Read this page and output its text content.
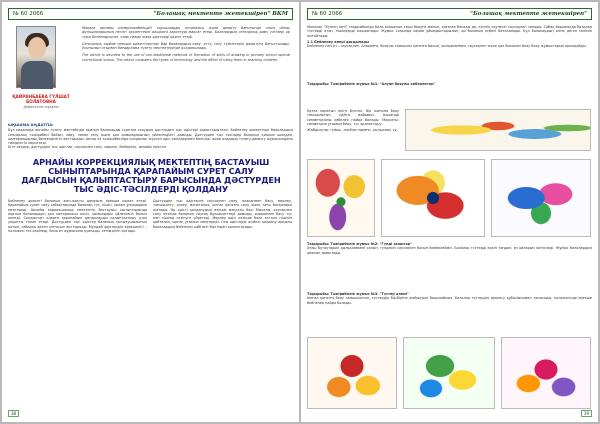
№ 60 2066	"Болашақ мектепте жетекшіреп" ВКМ
ҚАЙРАНБАЕВА ГҮЛШАТ БОЛАТОВНА
Дефектолог-мұғалім

Мақала арнайы коммуникабельдігі оқушыларды логикалық және дамыту бағытында оның ойлау функцияларының негізгі қасиеттерін ажырата көрсетуді мақсат етеді. Балалардың сенсорлық даму үлгілері әр түрлі болғандықтан, олар тиімді жаңа әдістерді қажет етеді.

Сенсорлық тәрбие ерекше қажеттіліктері бар балалардың көру, есту, сезу түйсіктерін дамытуға бағытталады. Ұсынылып отырған бағдарлама түзету мектептерінде қолданылады.

The article is devoted to the use of non-traditional methods of formation of skills of drawing in primary school special correctional school. The article considers the types of technology and the effect of using them in teaching children.

ЫҚШАМА АҢДАТПА:

Бұл мақалада арнайы түзету мектебінде оқитын балаларды суретке салудың дәстүрден тыс әдістері қарастырылған. Бейнелеу әрекетінде балалардың сенсорлық тәжірибесі байып, көру, сипап сезу және қол қимылдарының үйлесімділігі дамиды. Дәстүрден тыс тәсілдер баланың қиялын шыңдап, шығармашылық белсенділігін арттырады. Автор өз тәжірибесінде қолданып жүрген әдіс-тәсілдерімен бөліседі және олардың түзету-дамыту жұмысындағы тиімділігін көрсетеді.

Кілт сөздер: дәстүрден тыс әдістер, саусақпен салу, мөрлеу, бейнелеу, арнайы мектеп.

АРНАЙЫ КОРРЕКЦИЯЛЫҚ МЕКТЕПТІҢ БАСТАУЫШ СЫНЫПТАРЫНДА ҚАРАПАЙЫМ СУРЕТ САЛУ ДАҒДЫСЫН ҚАЛЫПТАСТЫРУ БАРЫСЫНДА ДӘСТҮРДЕН ТЫС ӘДІС-ТӘСІЛДЕРДІ ҚОЛДАНУ

Бейнелеу әрекеті баланың жан-жақты дамуына ерекше ықпал етеді. Қарапайым сурет салу сабақтарында балалар түс, пішін, көлем ұғымдарын меңгереді. Арнайы коррекциялық мектептің бастауыш сыныптарында оқитын балалардың қол моторикасы әлсіз, қимылдары үйлесімсіз болып келеді. Сондықтан оларға қарапайым дағдыларды қалыптастыру ұзақ уақытты талап етеді. Дәстүрден тыс әдістер баланың қызығушылығын оятып, сабаққа деген ынтасын арттырады. Мұндай әдістердің ерекшелігі – нәтижесі тез көрінеді, бала өз жұмысына қуанады, сенімділігі артады.

Дәстүрден тыс әдістерге саусақпен салу, алақанмен басу, мөрлеу, тамшылату, үрлеу, монотипия, ылғал қағазға салу және тағы басқалары жатады. Әр әдісті қолданудың өзіндік мақсаты бар. Мысалы, саусақпен салу кезінде баланың саусақ бұлшықеттері дамиды, алақанмен басу түс пен пішінді сезінуге үйретеді. Мөрлеу әдісі кезінде бала заттың пішінін қайталап, ырғақ ұғымын меңгереді. Осы әдістерді жүйелі қолдану арқылы балалардың бейнелеу қабілеті біртіндеп қалыптасады.

38
№ 60 2066	"Болашақ мектепте жетекшіреп"

Мысалы: "Күннің көзі" тақырыбында бала алақанын сары бояуға малып, қағазға басады да, күннің сәулесін саусақпен салады. Сабақ барысында балалар түстерді атап, пішіндерді ажыратады. Жұмыс соңында көрме ұйымдастырылып, әр баланың еңбегі бағаланады. Бұл балалардың өзіне деген сенімін нығайтады.

1.1 Бейнелеу өнері дағдылары

Бейнелеу негізгі – саусақпен. Алақанға, бояулы тамшыны қағазға басып, қылқаламмен, саусақпен және қол басымен бояу бояу жұмыстарын орындайды.

Тақырыбы: Тәжірибелік жұмыс №1: "Алуан бояулы көбелектер"

Қағаз парағын екіге бүктеп, бір жағына бояу тамшылатып, қайта жабамыз. Ашқанда симметриялы көбелек пайда болады. Мақсаты: симметрия ұғымын беру, түс араластыру.

Жабдықтар: гуашь, альбом парағы, қылқалам, су.

Тақырыбы: Тәжірибелік жұмыс №2: "Гүлді ағаштар"

Ағаш бұтақтарын қылқаламмен салып, гүлдерін саусақпен басып бейнелейміз. Балалар түстерді еркін таңдап, өз ойларын жеткізеді. Жұмыс балалардың қиялын дамытады.

Тақырыбы: Тәжірибелік жұмыс №3: "Түстер әлемі"

Ылғал қағазға бояу тамшылатып, түстердің бір-біріне жайылуын бақылаймыз. Балалар түстердің араласу құбылысымен танысады, нәтижесінде ерекше бейнелер пайда болады.

39
